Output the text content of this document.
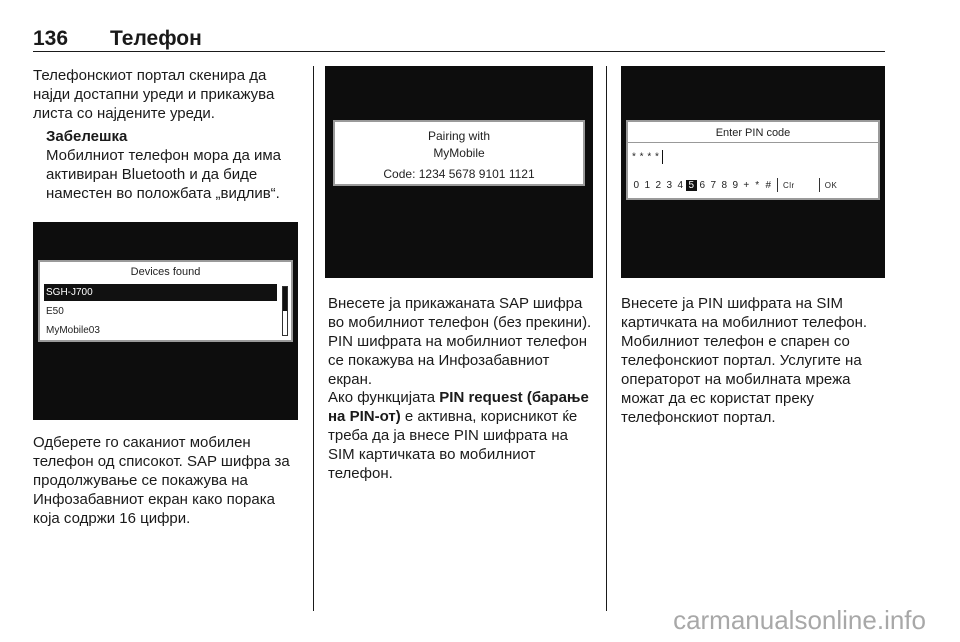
136 Телефон

Телефонскиот портал скенира да најди достапни уреди и прикажува листа со најдените уреди.

Забелешка
Мобилниот телефон мора да има активиран Bluetooth и да биде наместен во положбата „видлив“.
Devices found
SGH-J700
E50
MyMobile03

Одберете го саканиот мобилен телефон од списокот. SAP шифра за продолжување се покажува на Инфозабавниот екран како порака која содржи 16 цифри.

Pairing with
MyMobile
Code: 1234 5678 9101 1121

Внесете ја прикажаната SAP шифра во мобилниот телефон (без прекини). PIN шифрата на мобилниот телефон се покажува на Инфозабавниот екран.

Ако функцијата PIN request (барање на PIN-от) е активна, корисникот ќе треба да ја внесе PIN шифрата на SIM картичката во мобилниот телефон.

Enter PIN code
* * * *
0 1 2 3 4 5 6 7 8 9 + * # Clr	OK

Внесете ја PIN шифрата на SIM картичката на мобилниот телефон. Мобилниот телефон е спарен со телефонскиот портал. Услугите на операторот на мобилната мрежа можат да ес користат преку телефонскиот портал.

carmanualsonline.info
